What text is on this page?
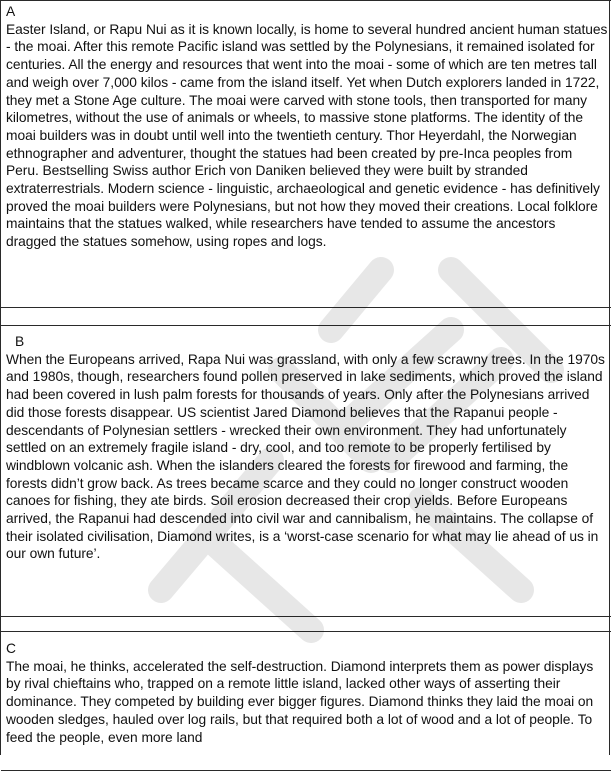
A

Easter Island, or Rapu Nui as it is known locally, is home to several hundred ancient human statues - the moai. After this remote Pacific island was settled by the Polynesians, it remained isolated for centuries. All the energy and resources that went into the moai - some of which are ten metres tall and weigh over 7,000 kilos - came from the island itself. Yet when Dutch explorers landed in 1722, they met a Stone Age culture. The moai were carved with stone tools, then transported for many kilometres, without the use of animals or wheels, to massive stone platforms. The identity of the moai builders was in doubt until well into the twentieth century. Thor Heyerdahl, the Norwegian ethnographer and adventurer, thought the statues had been created by pre-Inca peoples from Peru. Bestselling Swiss author Erich von Daniken believed they were built by stranded extraterrestrials. Modern science - linguistic, archaeological and genetic evidence - has definitively proved the moai builders were Polynesians, but not how they moved their creations. Local folklore maintains that the statues walked, while researchers have tended to assume the ancestors dragged the statues somehow, using ropes and logs.

B

When the Europeans arrived, Rapa Nui was grassland, with only a few scrawny trees. In the 1970s and 1980s, though, researchers found pollen preserved in lake sediments, which proved the island had been covered in lush palm forests for thousands of years. Only after the Polynesians arrived did those forests disappear. US scientist Jared Diamond believes that the Rapanui people - descendants of Polynesian settlers - wrecked their own environment. They had unfortunately settled on an extremely fragile island - dry, cool, and too remote to be properly fertilised by windblown volcanic ash. When the islanders cleared the forests for firewood and farming, the forests didn’t grow back. As trees became scarce and they could no longer construct wooden canoes for fishing, they ate birds. Soil erosion decreased their crop yields. Before Europeans arrived, the Rapanui had descended into civil war and cannibalism, he maintains. The collapse of their isolated civilisation, Diamond writes, is a ‘worst-case scenario for what may lie ahead of us in our own future’.

C

The moai, he thinks, accelerated the self-destruction. Diamond interprets them as power displays by rival chieftains who, trapped on a remote little island, lacked other ways of asserting their dominance. They competed by building ever bigger figures. Diamond thinks they laid the moai on wooden sledges, hauled over log rails, but that required both a lot of wood and a lot of people. To feed the people, even more land
